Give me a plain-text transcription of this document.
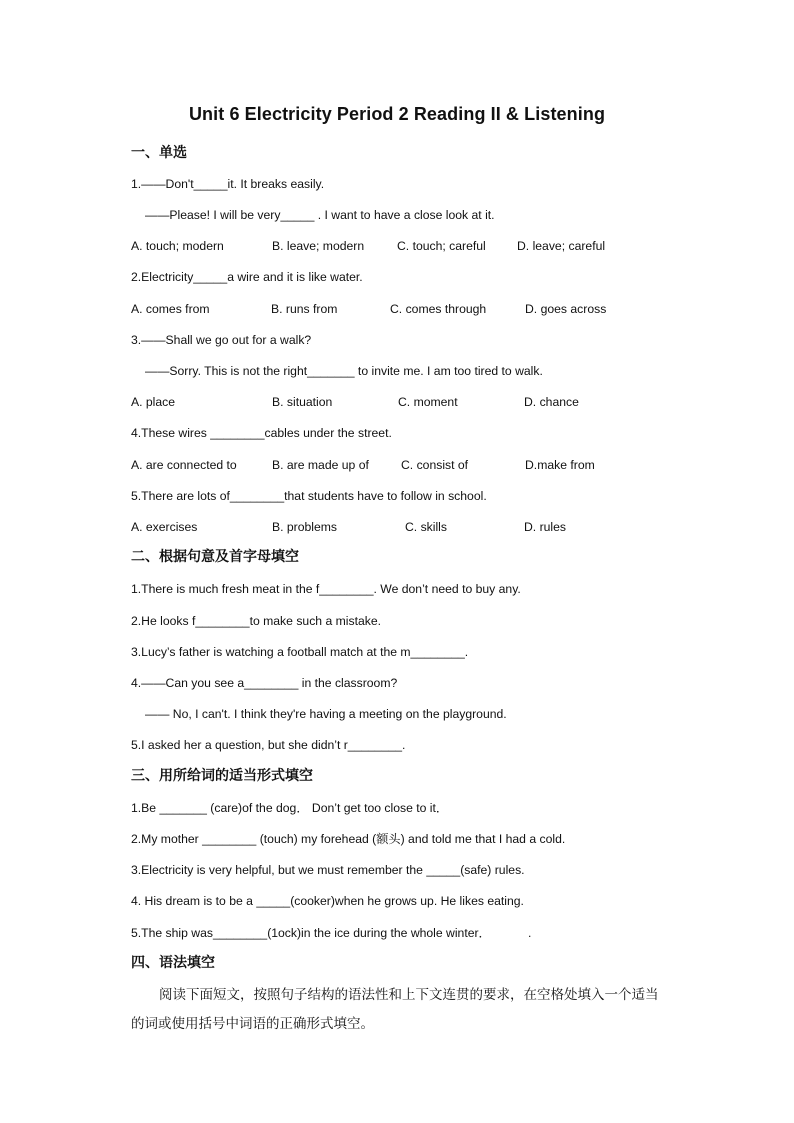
Unit 6 Electricity Period 2 Reading II & Listening
一、单选
1.——Don't_____it. It breaks easily.
——Please! I will be very_____ . I want to have a close look at it.
A. touch; modern	B. leave; modern	C. touch; careful	D. leave; careful
2.Electricity_____a wire and it is like water.
A. comes from	B. runs from	C. comes through	D. goes across
3.——Shall we go out for a walk?
——Sorry. This is not the right_______ to invite me. I am too tired to walk.
A. place	B. situation	C. moment	D. chance
4.These wires ________cables under the street.
A. are connected to	B. are made up of	C. consist of	D.make from
5.There are lots of________that students have to follow in school.
A. exercises	B. problems	C. skills	D. rules
二、根据句意及首字母填空
1.There is much fresh meat in the f________. We don’t need to buy any.
2.He looks f________to make such a mistake.
3.Lucy’s father is watching a football match at the m________.
4.——Can you see a________ in the classroom?
—— No, I can't. I think they're having a meeting on the playground.
5.I asked her a question, but she didn’t r________.
三、用所给词的适当形式填空
1.Be _______ (care)of the dog． Don’t get too close to it．
2.My mother ________ (touch) my forehead (额头) and told me that I had a cold.
3.Electricity is very helpful, but we must remember the _____(safe) rules.
4. His dream is to be a _____(cooker)when he grows up. He likes eating.
5.The ship was________(1ock)in the ice during the whole winter．           .
四、语法填空
阅读下面短文，按照句子结构的语法性和上下文连贯的要求，在空格处填入一个适当的词或使用括号中词语的正确形式填空。
